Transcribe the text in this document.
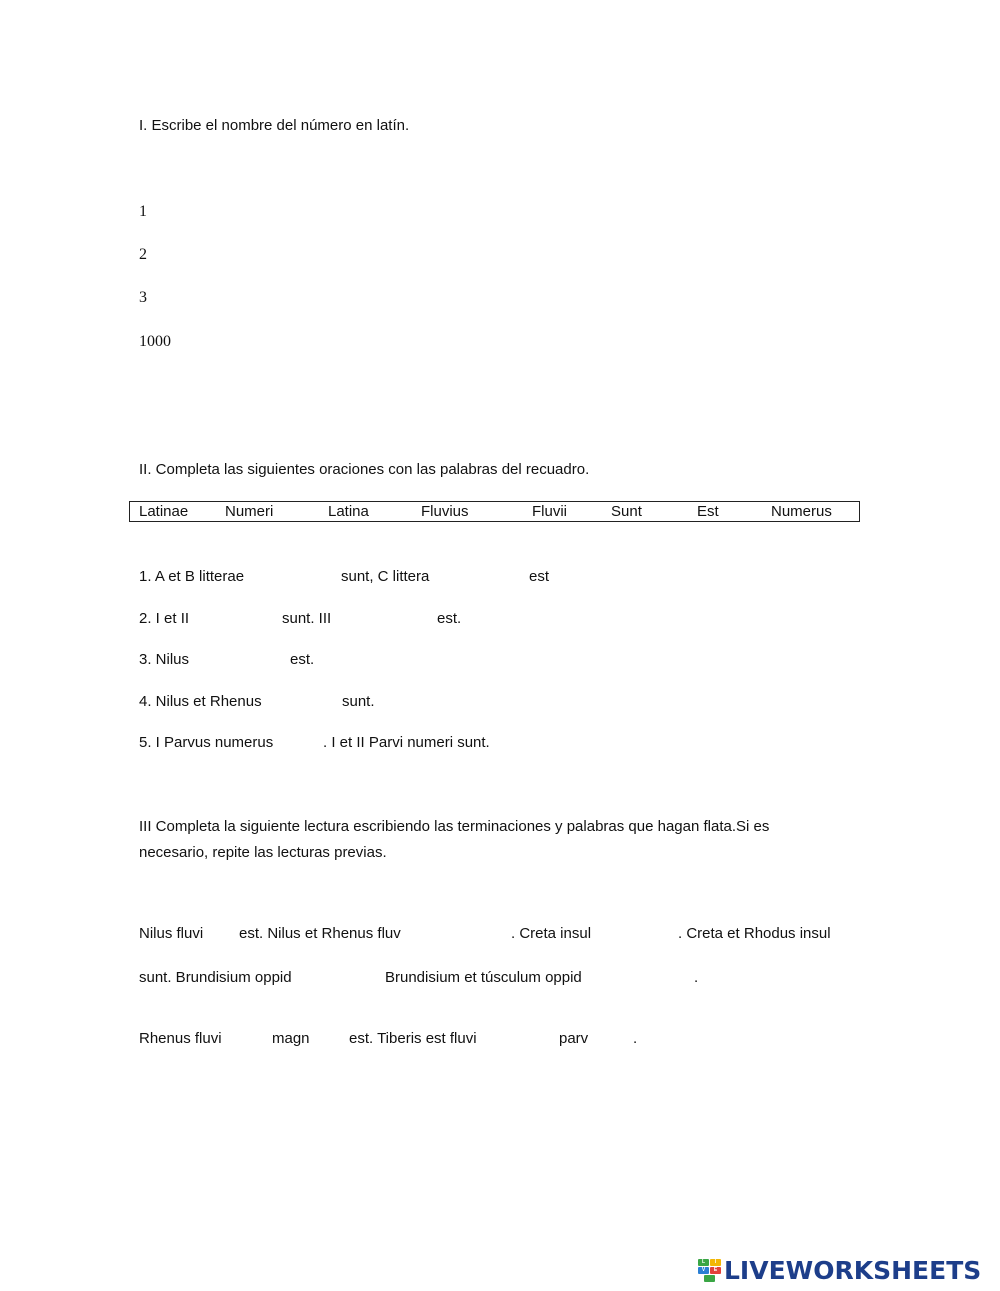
I. Escribe el nombre del número en latín.
1
2
3
1000
II. Completa las siguientes oraciones con las palabras del recuadro.
Latinae Numeri	Latina	Fluvius	Fluvii	Sunt	Est	Numerus
1. A et B litterae	sunt, C littera	est
2. I et II	sunt. III	est.
3. Nilus	est.
4. Nilus et Rhenus	sunt.
5. I Parvus numerus	. I et II Parvi numeri sunt.
III Completa la siguiente lectura escribiendo las terminaciones y palabras que hagan flata.Si es
necesario, repite las lecturas previas.
Nilus fluvi est. Nilus et Rhenus fluv	. Creta insul	. Creta et Rhodus insul
sunt. Brundisium oppid	Brundisium et túsculum oppid	.
Rhenus fluvi	magn	est. Tiberis est fluvi	parv	.
L	I
V	E LIVEWORKSHEETS
